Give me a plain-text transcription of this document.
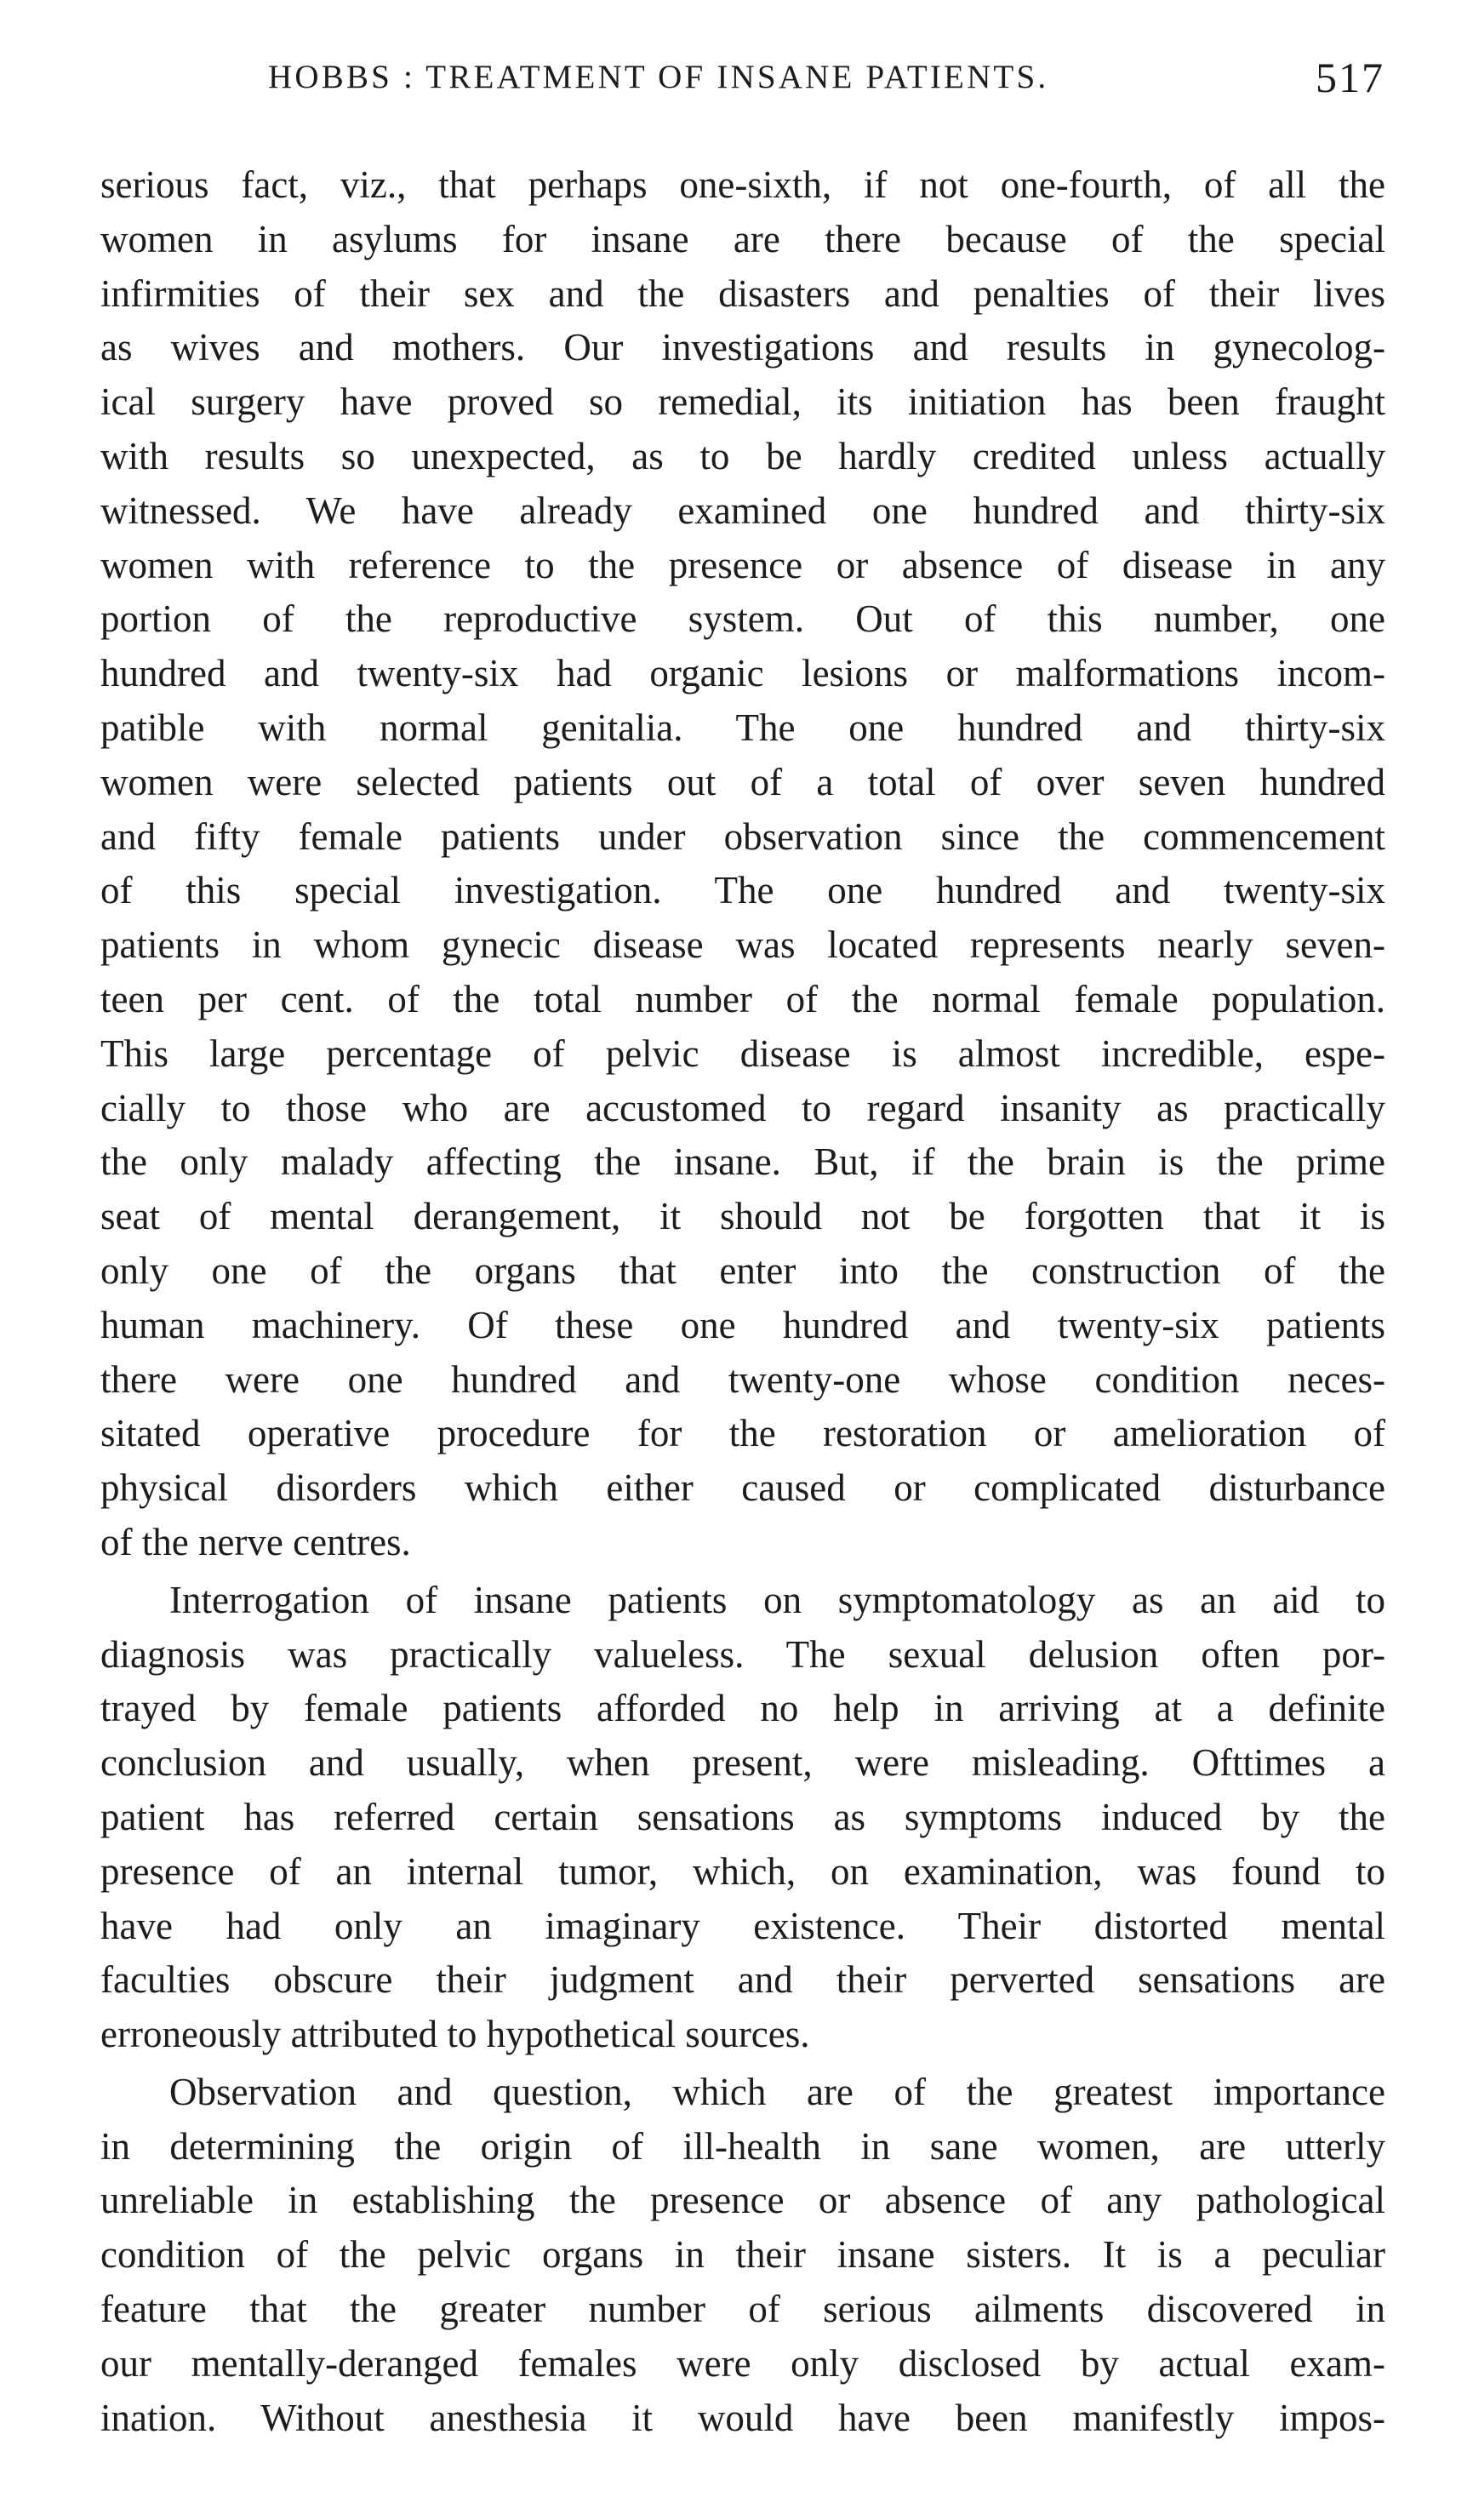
HOBBS : TREATMENT OF INSANE PATIENTS.	517

serious fact, viz., that perhaps one-sixth, if not one-fourth, of all the

women in asylums for insane are there because of the special

infirmities of their sex and the disasters and penalties of their lives

as wives and mothers. Our investigations and results in gynecolog-

ical surgery have proved so remedial, its initiation has been fraught

with results so unexpected, as to be hardly credited unless actually

witnessed. We have already examined one hundred and thirty-six

women with reference to the presence or absence of disease in any

portion of the reproductive system. Out of this number, one

hundred and twenty-six had organic lesions or malformations incom-

patible with normal genitalia. The one hundred and thirty-six

women were selected patients out of a total of over seven hundred

and fifty female patients under observation since the commencement

of this special investigation. The one hundred and twenty-six

patients in whom gynecic disease was located represents nearly seven-

teen per cent. of the total number of the normal female population.

This large percentage of pelvic disease is almost incredible, espe-

cially to those who are accustomed to regard insanity as practically

the only malady affecting the insane. But, if the brain is the prime

seat of mental derangement, it should not be forgotten that it is

only one of the organs that enter into the construction of the

human machinery. Of these one hundred and twenty-six patients

there were one hundred and twenty-one whose condition neces-

sitated operative procedure for the restoration or amelioration of

physical disorders which either caused or complicated disturbance

of the nerve centres.

Interrogation of insane patients on symptomatology as an aid to

diagnosis was practically valueless. The sexual delusion often por-

trayed by female patients afforded no help in arriving at a definite

conclusion and usually, when present, were misleading. Ofttimes a

patient has referred certain sensations as symptoms induced by the

presence of an internal tumor, which, on examination, was found to

have had only an imaginary existence. Their distorted mental

faculties obscure their judgment and their perverted sensations are

erroneously attributed to hypothetical sources.

Observation and question, which are of the greatest importance

in determining the origin of ill-health in sane women, are utterly

unreliable in establishing the presence or absence of any pathological

condition of the pelvic organs in their insane sisters. It is a peculiar

feature that the greater number of serious ailments discovered in

our mentally-deranged females were only disclosed by actual exam-

ination. Without anesthesia it would have been manifestly impos-
